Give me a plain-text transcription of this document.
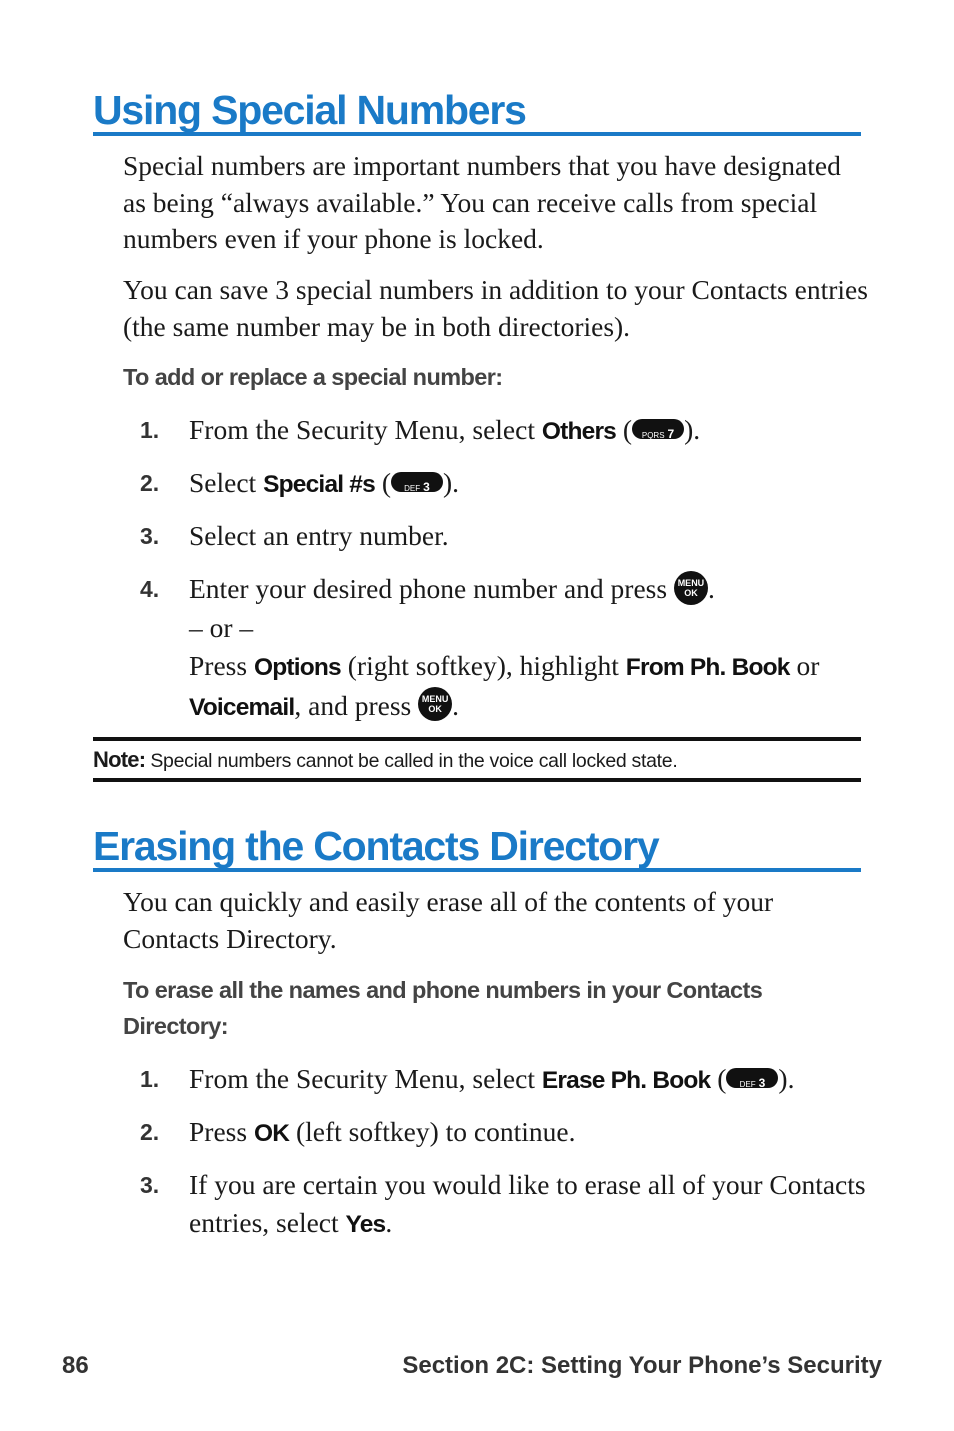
Using Special Numbers

Special numbers are important numbers that you have designated as being “always available.” You can receive calls from special numbers even if your phone is locked.

You can save 3 special numbers in addition to your Contacts entries (the same number may be in both directories).

To add or replace a special number:
1. From the Security Menu, select Others ( PQRS 7 ).
2. Select Special #s ( DEF 3 ).
3. Select an entry number.
4. Enter your desired phone number and press MENU
OK .
– or –
Press Options (right softkey), highlight From Ph. Book or
Voicemail, and press MENU
OK .
Note: Special numbers cannot be called in the voice call locked state.
Erasing the Contacts Directory

You can quickly and easily erase all of the contents of your Contacts Directory.

To erase all the names and phone numbers in your Contacts Directory:
1. From the Security Menu, select Erase Ph. Book ( DEF 3 ).
2. Press OK (left softkey) to continue.
3. If you are certain you would like to erase all of your Contacts entries, select Yes.
86	Section 2C: Setting Your Phone’s Security
